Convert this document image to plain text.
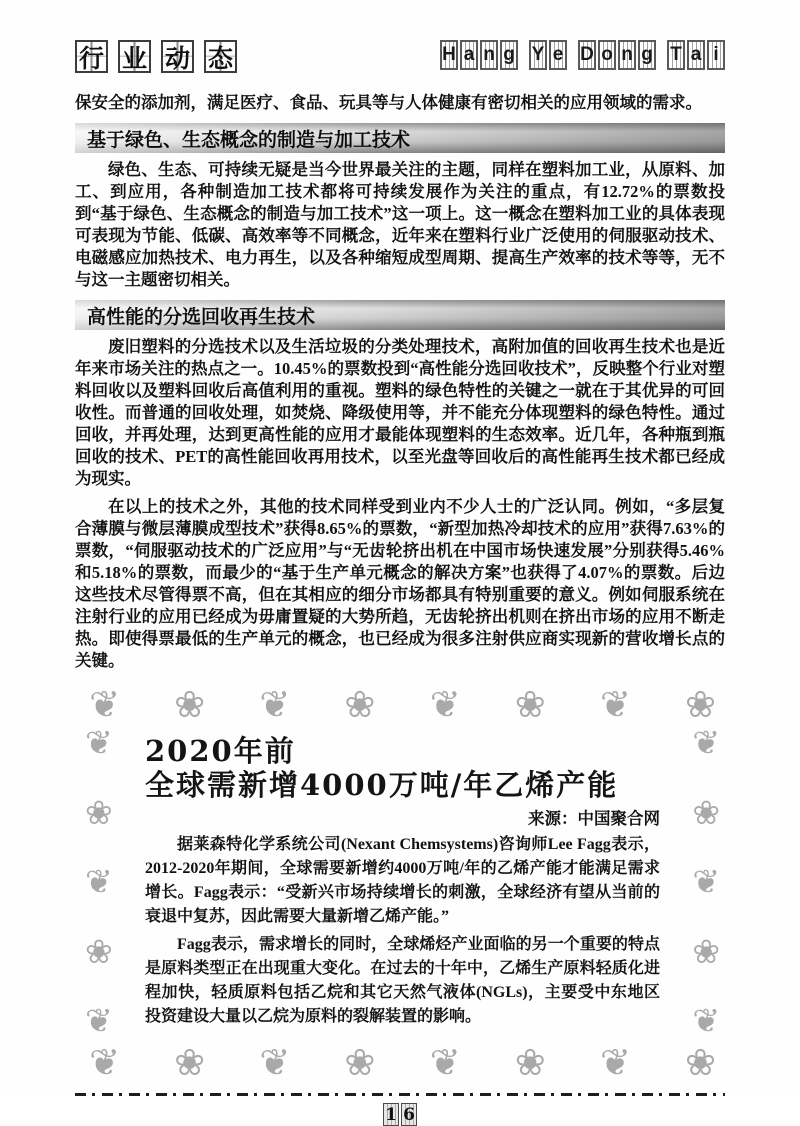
行 业 动 态	H a n g Y e D o n g T a i

保安全的添加剂，满足医疗、食品、玩具等与人体健康有密切相关的应用领域的需求。

基于绿色、生态概念的制造与加工技术

绿色、生态、可持续无疑是当今世界最关注的主题，同样在塑料加工业，从原料、加工、到应用，各种制造加工技术都将可持续发展作为关注的重点，有12.72%的票数投到“基于绿色、生态概念的制造与加工技术”这一项上。这一概念在塑料加工业的具体表现可表现为节能、低碳、高效率等不同概念，近年来在塑料行业广泛使用的伺服驱动技术、电磁感应加热技术、电力再生，以及各种缩短成型周期、提高生产效率的技术等等，无不与这一主题密切相关。

高性能的分选回收再生技术

废旧塑料的分选技术以及生活垃圾的分类处理技术，高附加值的回收再生技术也是近年来市场关注的热点之一。10.45%的票数投到“高性能分选回收技术”，反映整个行业对塑料回收以及塑料回收后高值利用的重视。塑料的绿色特性的关键之一就在于其优异的可回收性。而普通的回收处理，如焚烧、降级使用等，并不能充分体现塑料的绿色特性。通过回收，并再处理，达到更高性能的应用才最能体现塑料的生态效率。近几年，各种瓶到瓶回收的技术、PET的高性能回收再用技术，以至光盘等回收后的高性能再生技术都已经成为现实。

在以上的技术之外，其他的技术同样受到业内不少人士的广泛认同。例如，“多层复合薄膜与微层薄膜成型技术”获得8.65%的票数，“新型加热冷却技术的应用”获得7.63%的票数，“伺服驱动技术的广泛应用”与“无齿轮挤出机在中国市场快速发展”分别获得5.46%和5.18%的票数，而最少的“基于生产单元概念的解决方案”也获得了4.07%的票数。后边这些技术尽管得票不高，但在其相应的细分市场都具有特别重要的意义。例如伺服系统在注射行业的应用已经成为毋庸置疑的大势所趋，无齿轮挤出机则在挤出市场的应用不断走热。即使得票最低的生产单元的概念，也已经成为很多注射供应商实现新的营收增长点的关键。

❦ ❀ ❦ ❀ ❦ ❀ ❦ ❀
❦ ❀ ❦ ❀ ❦ ❀ ❦ ❀
❦
❀
❦
❀
❦
❦
❀
❦
❀
❦
2020年前
全球需新增4000万吨/年乙烯产能
来源：中国聚合网

据莱森特化学系统公司(Nexant Chemsystems)咨询师Lee Fagg表示，2012-2020年期间，全球需要新增约4000万吨/年的乙烯产能才能满足需求增长。Fagg表示：“受新兴市场持续增长的刺激，全球经济有望从当前的衰退中复苏，因此需要大量新增乙烯产能。”

Fagg表示，需求增长的同时，全球烯烃产业面临的另一个重要的特点是原料类型正在出现重大变化。在过去的十年中，乙烯生产原料轻质化进程加快，轻质原料包括乙烷和其它天然气液体(NGLs)，主要受中东地区投资建设大量以乙烷为原料的裂解装置的影响。

1 6
